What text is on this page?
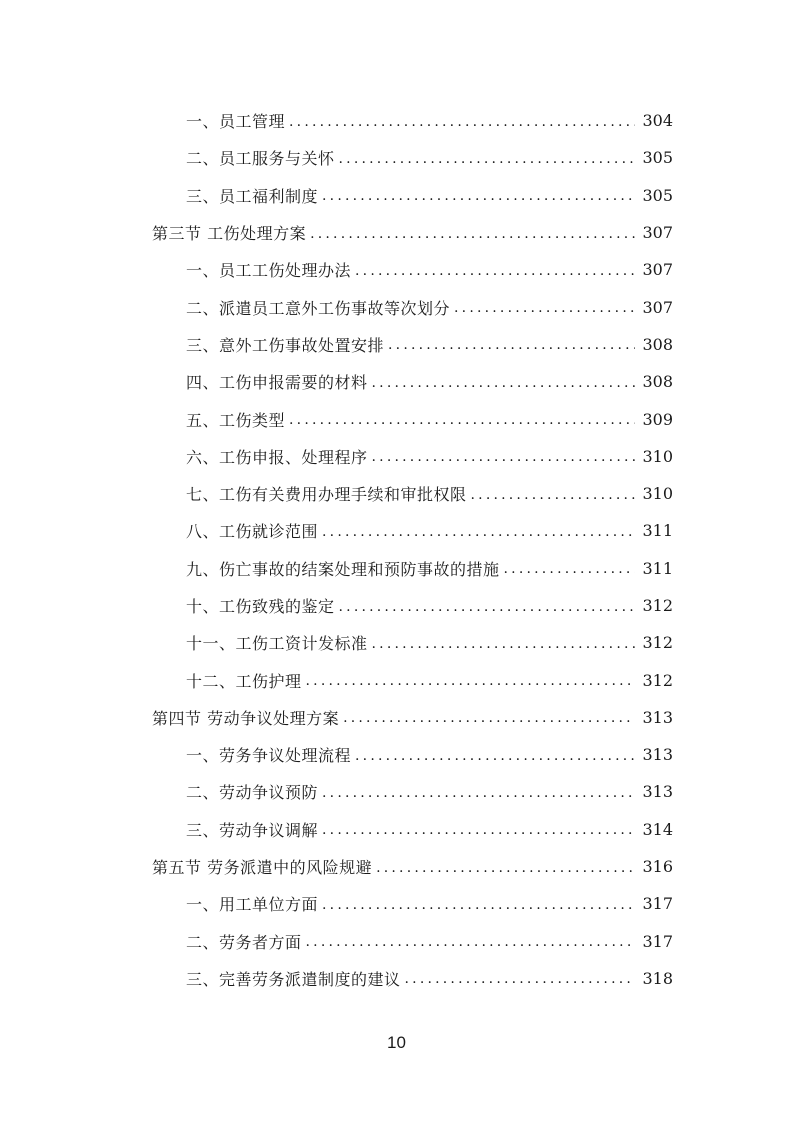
一、员工管理 .....	304
二、员工服务与关怀 .....	305
三、员工福利制度 .....	305
第三节 工伤处理方案 .....	307
一、员工工伤处理办法 .....	307
二、派遣员工意外工伤事故等次划分 .....	307
三、意外工伤事故处置安排 .....	308
四、工伤申报需要的材料 .....	308
五、工伤类型 .....	309
六、工伤申报、处理程序 .....	310
七、工伤有关费用办理手续和审批权限 .....	310
八、工伤就诊范围 .....	311
九、伤亡事故的结案处理和预防事故的措施 .....	311
十、工伤致残的鉴定 .....	312
十一、工伤工资计发标准 .....	312
十二、工伤护理 .....	312
第四节 劳动争议处理方案 .....	313
一、劳务争议处理流程 .....	313
二、劳动争议预防 .....	313
三、劳动争议调解 .....	314
第五节 劳务派遣中的风险规避 .....	316
一、用工单位方面 .....	317
二、劳务者方面 .....	317
三、完善劳务派遣制度的建议 .....	318
10
